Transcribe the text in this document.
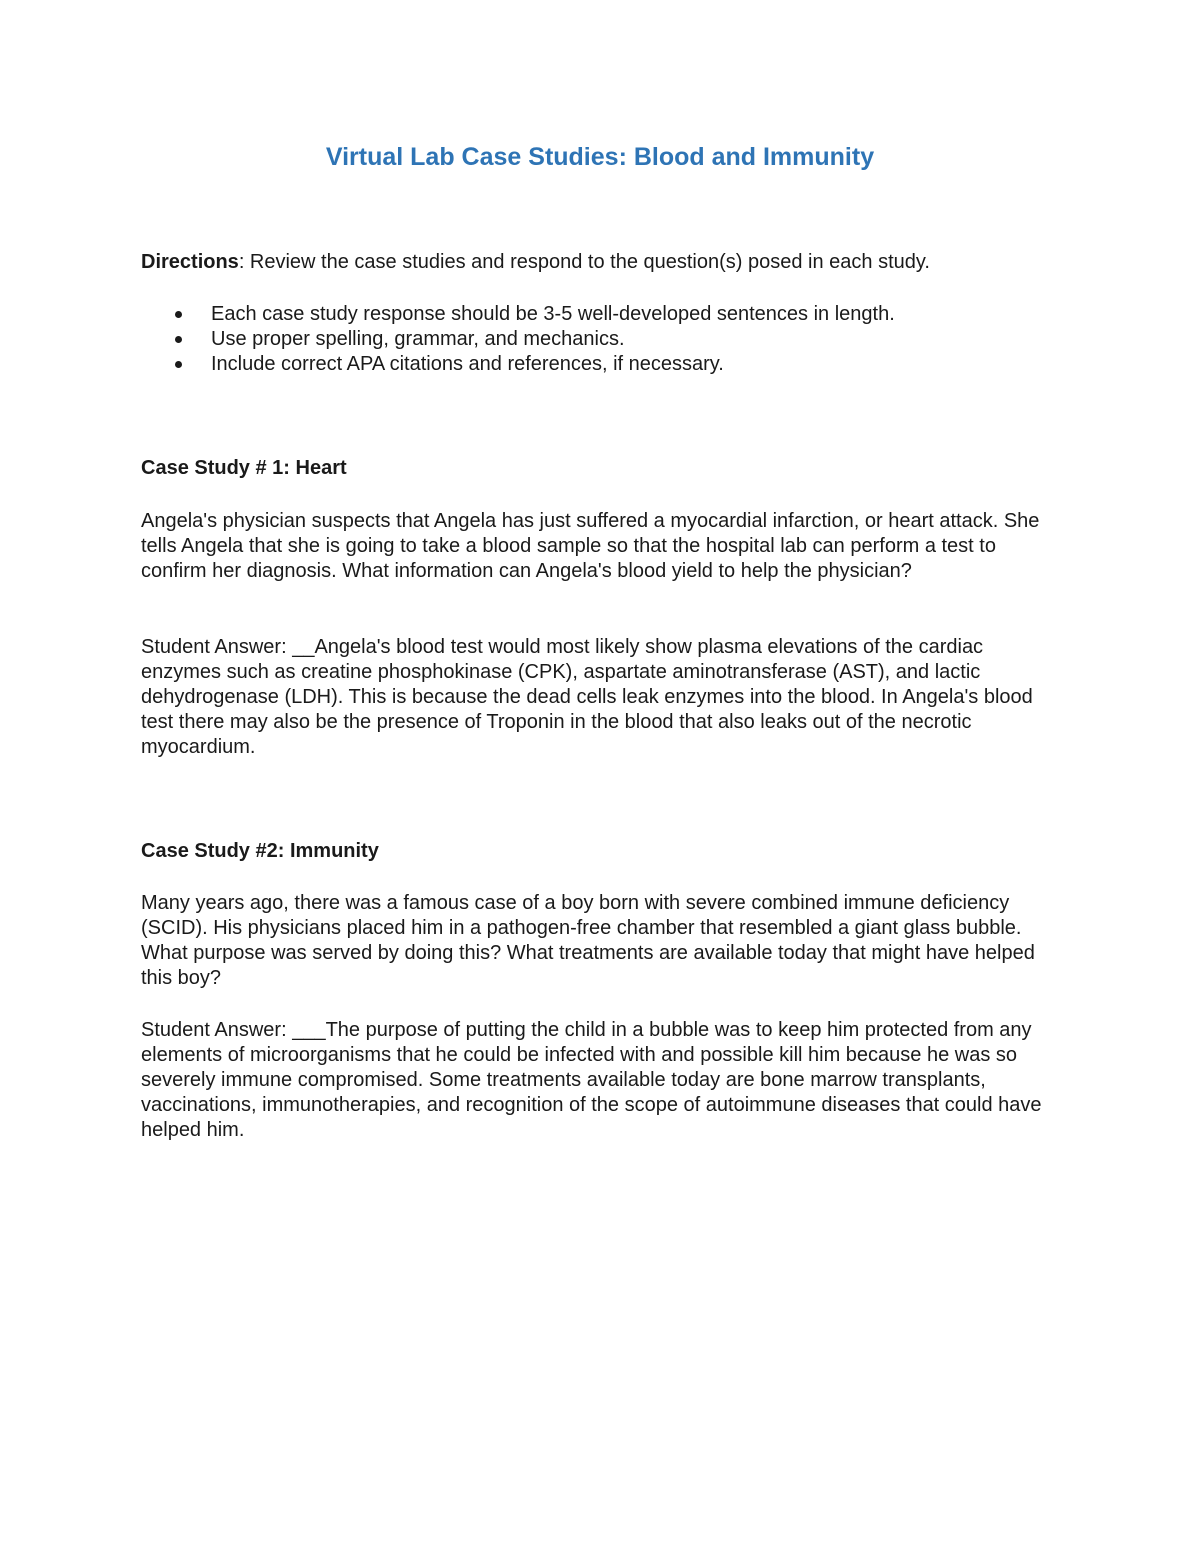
Virtual Lab Case Studies: Blood and Immunity

Directions: Review the case studies and respond to the question(s) posed in each study.

Each case study response should be 3-5 well-developed sentences in length.
Use proper spelling, grammar, and mechanics.
Include correct APA citations and references, if necessary.

Case Study # 1: Heart

Angela's physician suspects that Angela has just suffered a myocardial infarction, or heart attack. She tells Angela that she is going to take a blood sample so that the hospital lab can perform a test to confirm her diagnosis. What information can Angela's blood yield to help the physician?

Student Answer: __Angela's blood test would most likely show plasma elevations of the cardiac enzymes such as creatine phosphokinase (CPK), aspartate aminotransferase (AST), and lactic dehydrogenase (LDH). This is because the dead cells leak enzymes into the blood. In Angela's blood test there may also be the presence of Troponin in the blood that also leaks out of the necrotic myocardium.

Case Study #2: Immunity

Many years ago, there was a famous case of a boy born with severe combined immune deficiency (SCID). His physicians placed him in a pathogen-free chamber that resembled a giant glass bubble. What purpose was served by doing this? What treatments are available today that might have helped this boy?

Student Answer: ___The purpose of putting the child in a bubble was to keep him protected from any elements of microorganisms that he could be infected with and possible kill him because he was so severely immune compromised. Some treatments available today are bone marrow transplants, vaccinations, immunotherapies, and recognition of the scope of autoimmune diseases that could have helped him.
